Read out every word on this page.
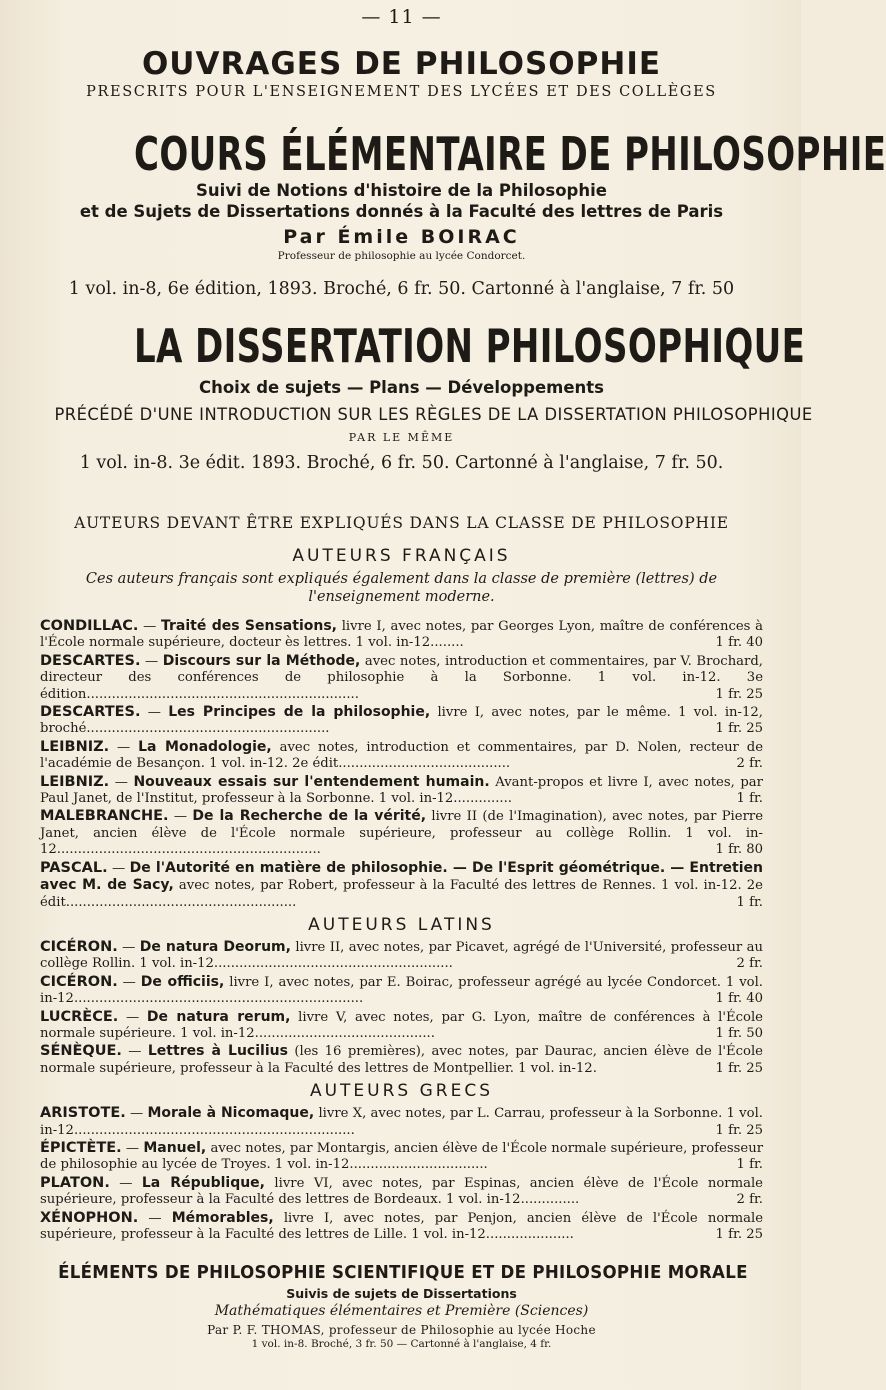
— 11 —
OUVRAGES DE PHILOSOPHIE
PRESCRITS POUR L'ENSEIGNEMENT DES LYCÉES ET DES COLLÈGES
COURS ÉLÉMENTAIRE DE PHILOSOPHIE
Suivi de Notions d'histoire de la Philosophie
et de Sujets de Dissertations donnés à la Faculté des lettres de Paris
Par Émile BOIRAC
Professeur de philosophie au lycée Condorcet.
1 vol. in-8, 6e édition, 1893. Broché, 6 fr. 50. Cartonné à l'anglaise, 7 fr. 50
LA DISSERTATION PHILOSOPHIQUE
Choix de sujets — Plans — Développements
PRÉCÉDÉ D'UNE INTRODUCTION SUR LES RÈGLES DE LA DISSERTATION PHILOSOPHIQUE
PAR LE MÊME
1 vol. in-8. 3e édit. 1893. Broché, 6 fr. 50. Cartonné à l'anglaise, 7 fr. 50.
AUTEURS DEVANT ÊTRE EXPLIQUÉS DANS LA CLASSE DE PHILOSOPHIE
AUTEURS FRANÇAIS
Ces auteurs français sont expliqués également dans la classe de première (lettres) de l'enseignement moderne.
CONDILLAC. — Traité des Sensations, livre I, avec notes, par Georges Lyon, maître de conférences à l'École normale supérieure, docteur ès lettres. 1 vol. in-12........	1 fr. 40
DESCARTES. — Discours sur la Méthode, avec notes, introduction et commentaires, par V. Brochard, directeur des conférences de philosophie à la Sorbonne. 1 vol. in-12. 3e édition.................................................................	1 fr. 25
DESCARTES. — Les Principes de la philosophie, livre I, avec notes, par le même. 1 vol. in-12, broché..........................................................	1 fr. 25
LEIBNIZ. — La Monadologie, avec notes, introduction et commentaires, par D. Nolen, recteur de l'académie de Besançon. 1 vol. in-12. 2e édit.........................................	2 fr.
LEIBNIZ. — Nouveaux essais sur l'entendement humain. Avant-propos et livre I, avec notes, par Paul Janet, de l'Institut, professeur à la Sorbonne. 1 vol. in-12..............	1 fr.
MALEBRANCHE. — De la Recherche de la vérité, livre II (de l'Imagination), avec notes, par Pierre Janet, ancien élève de l'École normale supérieure, professeur au collège Rollin. 1 vol. in-12...............................................................	1 fr. 80
PASCAL. — De l'Autorité en matière de philosophie. — De l'Esprit géométrique. — Entretien avec M. de Sacy, avec notes, par Robert, professeur à la Faculté des lettres de Rennes. 1 vol. in-12. 2e édit.......................................................	1 fr.
AUTEURS LATINS
CICÉRON. — De natura Deorum, livre II, avec notes, par Picavet, agrégé de l'Université, professeur au collège Rollin. 1 vol. in-12.........................................................	2 fr.
CICÉRON. — De officiis, livre I, avec notes, par E. Boirac, professeur agrégé au lycée Condorcet. 1 vol. in-12.....................................................................	1 fr. 40
LUCRÈCE. — De natura rerum, livre V, avec notes, par G. Lyon, maître de conférences à l'École normale supérieure. 1 vol. in-12...........................................	1 fr. 50
SÉNÈQUE. — Lettres à Lucilius (les 16 premières), avec notes, par Daurac, ancien élève de l'École normale supérieure, professeur à la Faculté des lettres de Montpellier. 1 vol. in-12.	1 fr. 25
AUTEURS GRECS
ARISTOTE. — Morale à Nicomaque, livre X, avec notes, par L. Carrau, professeur à la Sorbonne. 1 vol. in-12...................................................................	1 fr. 25
ÉPICTÈTE. — Manuel, avec notes, par Montargis, ancien élève de l'École normale supérieure, professeur de philosophie au lycée de Troyes. 1 vol. in-12.................................	1 fr.
PLATON. — La République, livre VI, avec notes, par Espinas, ancien élève de l'École normale supérieure, professeur à la Faculté des lettres de Bordeaux. 1 vol. in-12..............	2 fr.
XÉNOPHON. — Mémorables, livre I, avec notes, par Penjon, ancien élève de l'École normale supérieure, professeur à la Faculté des lettres de Lille. 1 vol. in-12.....................	1 fr. 25
ÉLÉMENTS DE PHILOSOPHIE SCIENTIFIQUE ET DE PHILOSOPHIE MORALE
Suivis de sujets de Dissertations
Mathématiques élémentaires et Première (Sciences)
Par P. F. THOMAS, professeur de Philosophie au lycée Hoche
1 vol. in-8. Broché, 3 fr. 50 — Cartonné à l'anglaise, 4 fr.
